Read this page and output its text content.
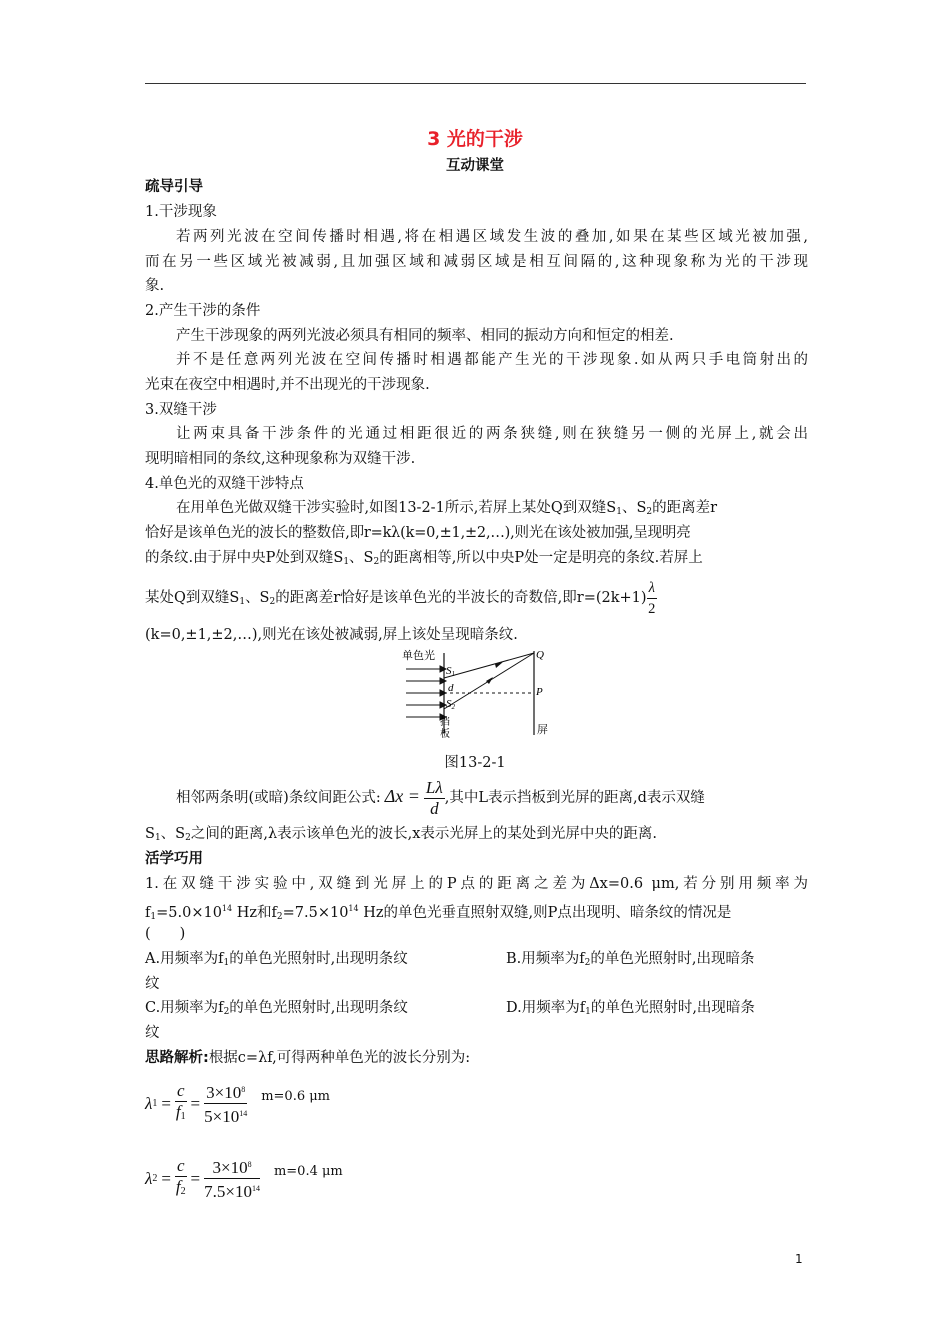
3 光的干涉
互动课堂
疏导引导
1.干涉现象
若两列光波在空间传播时相遇,将在相遇区域发生波的叠加,如果在某些区域光被加强,
而在另一些区域光被减弱,且加强区域和减弱区域是相互间隔的,这种现象称为光的干涉现
象.
2.产生干涉的条件
产生干涉现象的两列光波必须具有相同的频率、相同的振动方向和恒定的相差.
并不是任意两列光波在空间传播时相遇都能产生光的干涉现象.如从两只手电筒射出的
光束在夜空中相遇时,并不出现光的干涉现象.
3.双缝干涉
让两束具备干涉条件的光通过相距很近的两条狭缝,则在狭缝另一侧的光屏上,就会出
现明暗相同的条纹,这种现象称为双缝干涉.
4.单色光的双缝干涉特点
在用单色光做双缝干涉实验时,如图13-2-1所示,若屏上某处Q到双缝$S_1$、$S_2$的距离差r
恰好是该单色光的波长的整数倍,即r=kλ(k=0,±1,±2,…),则光在该处被加强,呈现明亮
的条纹.由于屏中央P处到双缝$S_1$、$S_2$的距离相等,所以中央P处一定是明亮的条纹.若屏上
某处Q到双缝$S_1$、$S_2$的距离差r恰好是该单色光的半波长的奇数倍,即$r=(2k+1) \frac{\lambda}{2}$
(k=0,±1,±2,…),则光在该处被减弱,屏上该处呈现暗条纹.
单色光
S1
d
S2
Q
P
屏
挡
板
图13-2-1
相邻两条明(或暗)条纹间距公式: $\Delta x = \frac{L\lambda}{d}$ ,其中L表示挡板到光屏的距离,d表示双缝
$S_1$、$S_2$之间的距离,λ表示该单色光的波长,x表示光屏上的某处到光屏中央的距离.
活学巧用
1.在双缝干涉实验中,双缝到光屏上的P点的距离之差为Δx=0.6 μm,若分别用频率为
$f_1=5.0\times 10^{14}$ Hz和$f_2=7.5\times 10^{14}$ Hz的单色光垂直照射双缝,则P点出现明、暗条纹的情况是
(　　)
A.用频率为$f_1$的单色光照射时,出现明条纹	B.用频率为$f_2$的单色光照射时,出现暗条
纹
C.用频率为$f_2$的单色光照射时,出现明条纹	D.用频率为$f_1$的单色光照射时,出现暗条
纹
思路解析:根据c=λf,可得两种单色光的波长分别为:
λ $1 = \frac{c}{f_1} = \frac{3\times 10^8}{5\times 10^{14}} m=0.6$ μm
λ $2 = \frac{c}{f_2} = \frac{3\times 10^8}{7.5\times 10^{14}} m=0.4$ μm
1
